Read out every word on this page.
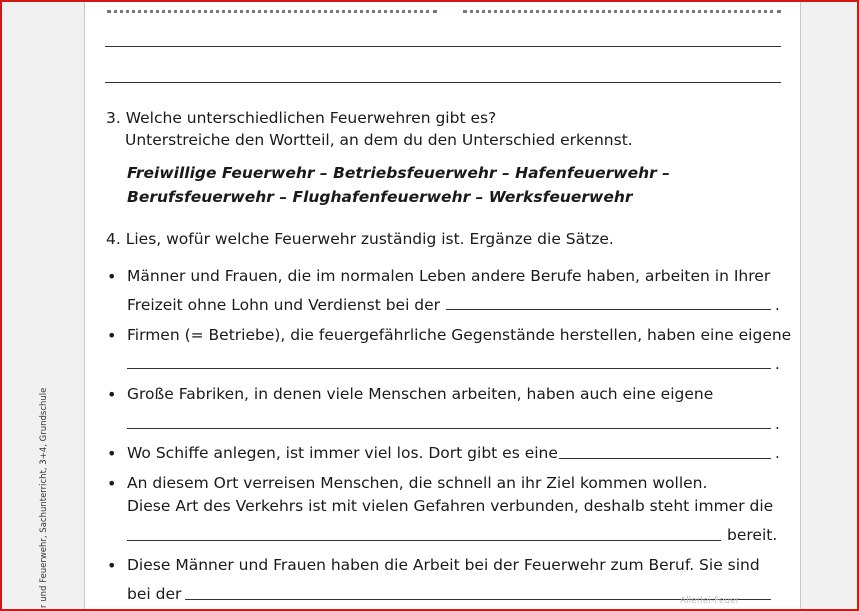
r und Feuerwehr, Sachunterricht, 3+4, Grundschule
3. Welche unterschiedlichen Feuerwehren gibt es?
Unterstreiche den Wortteil, an dem du den Unterschied erkennst.
Freiwillige Feuerwehr – Betriebsfeuerwehr – Hafenfeuerwehr –
Berufsfeuerwehr – Flughafenfeuerwehr – Werksfeuerwehr
4. Lies, wofür welche Feuerwehr zuständig ist. Ergänze die Sätze.
• Männer und Frauen, die im normalen Leben andere Berufe haben, arbeiten in Ihrer
Freizeit ohne Lohn und Verdienst bei der	.
• Firmen (= Betriebe), die feuergefährliche Gegenstände herstellen, haben eine eigene
.
• Große Fabriken, in denen viele Menschen arbeiten, haben auch eine eigene
.
• Wo Schiffe anlegen, ist immer viel los. Dort gibt es eine	.
• An diesem Ort verreisen Menschen, die schnell an ihr Ziel kommen wollen.
Diese Art des Verkehrs ist mit vielen Gefahren verbunden, deshalb steht immer die
bereit.
• Diese Männer und Frauen haben die Arbeit bei der Feuerwehr zum Beruf. Sie sind
bei der	Allerlei-Feuer
